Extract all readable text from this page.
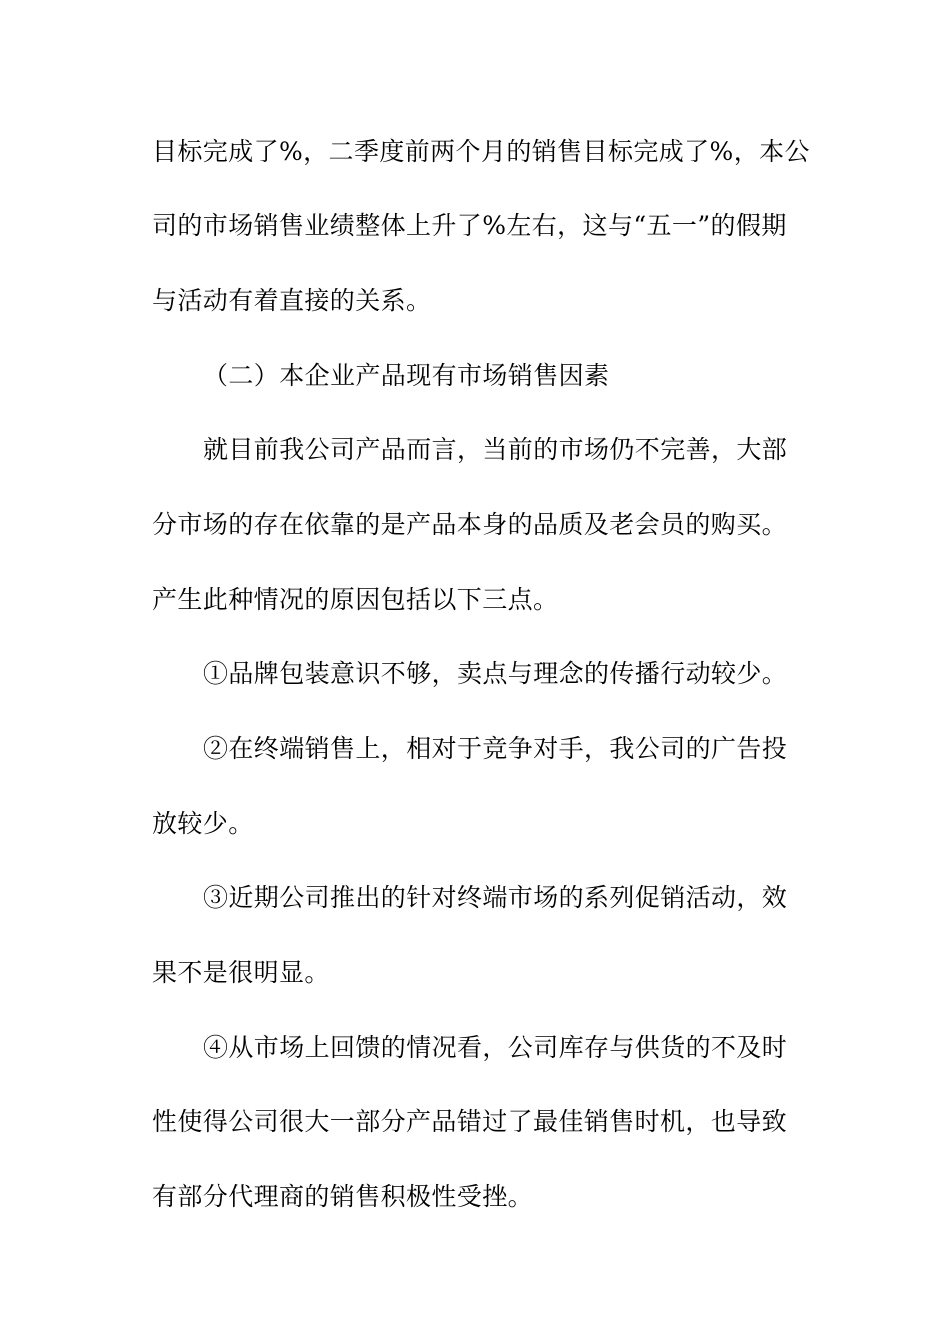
目标完成了%，二季度前两个月的销售目标完成了%，本公
司的市场销售业绩整体上升了%左右，这与“五一”的假期
与活动有着直接的关系。
（二）本企业产品现有市场销售因素
就目前我公司产品而言，当前的市场仍不完善，大部
分市场的存在依靠的是产品本身的品质及老会员的购买。
产生此种情况的原因包括以下三点。
①品牌包装意识不够，卖点与理念的传播行动较少。
②在终端销售上，相对于竞争对手，我公司的广告投
放较少。
③近期公司推出的针对终端市场的系列促销活动，效
果不是很明显。
④从市场上回馈的情况看，公司库存与供货的不及时
性使得公司很大一部分产品错过了最佳销售时机，也导致
有部分代理商的销售积极性受挫。
